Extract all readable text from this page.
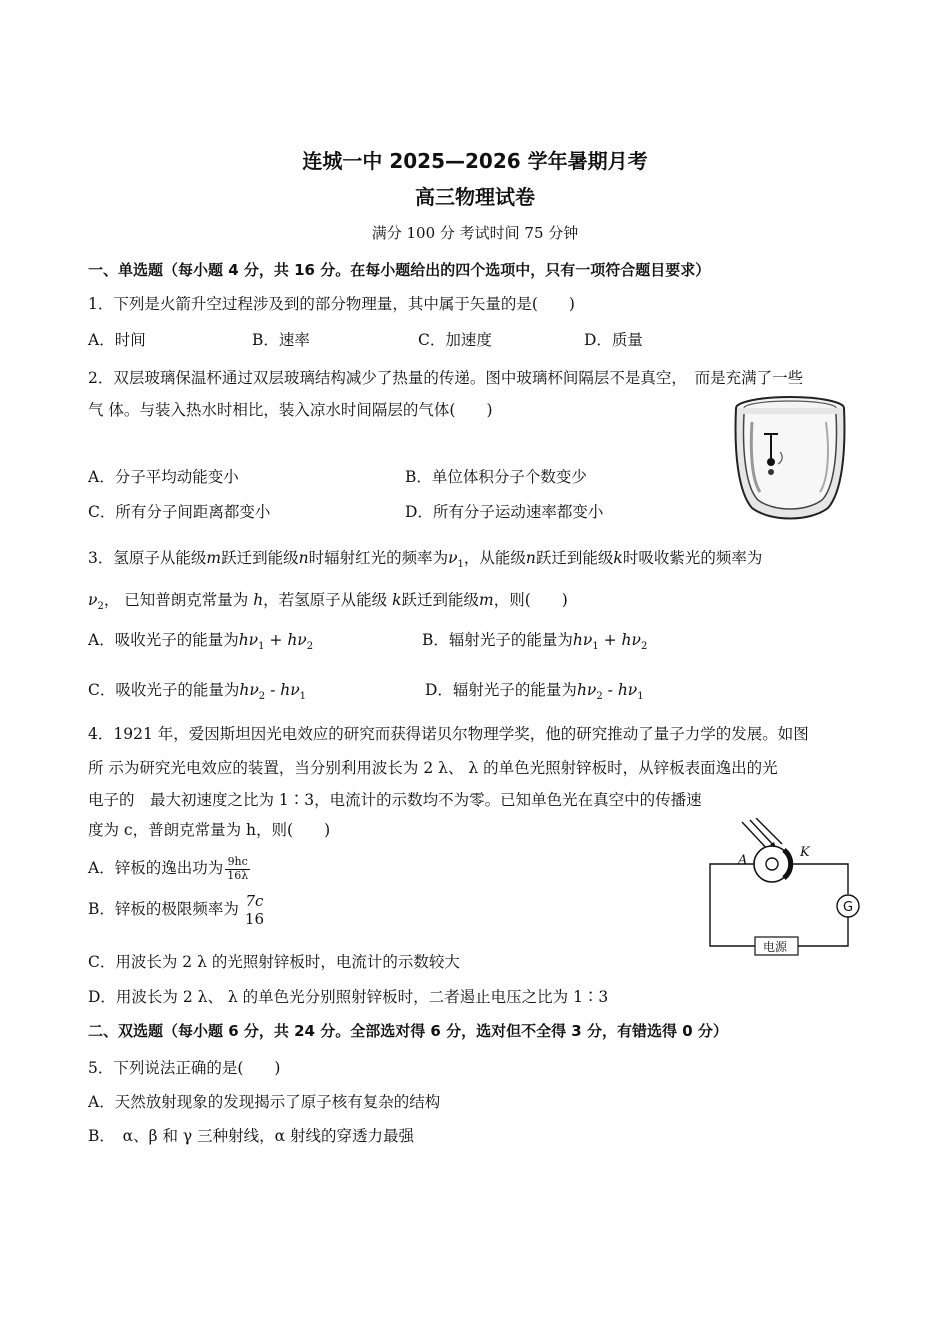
连城一中 2025—2026 学年暑期月考
高三物理试卷
满分 100 分 考试时间 75 分钟
一、单选题（每小题 4 分，共 16 分。在每小题给出的四个选项中，只有一项符合题目要求）
1．下列是火箭升空过程涉及到的部分物理量，其中属于矢量的是(　　)
A．时间	B．速率	C．加速度	D．质量
2．双层玻璃保温杯通过双层玻璃结构减少了热量的传递。图中玻璃杯间隔层不是真空，　而是充满了一些
气 体。与装入热水时相比，装入凉水时间隔层的气体(　　)
A．分子平均动能变小	B．单位体积分子个数变少
C．所有分子间距离都变小	D．所有分子运动速率都变小
3．氢原子从能级m跃迁到能级n时辐射红光的频率为$\nu_1$，从能级n跃迁到能级k时吸收紫光的频率为
$\nu_2$， 已知普朗克常量为 h，若氢原子从能级 k跃迁到能级m，则(　　)
A．吸收光子的能量为$h\nu_1 + h\nu_2$	B．辐射光子的能量为$h\nu_1 + h\nu_2$
C．吸收光子的能量为$h\nu_2 - h\nu_1$	D．辐射光子的能量为$h\nu_2 - h\nu_1$
4．1921 年，爱因斯坦因光电效应的研究而获得诺贝尔物理学奖，他的研究推动了量子力学的发展。如图
所 示为研究光电效应的装置，当分别利用波长为 2 λ、 λ 的单色光照射锌板时，从锌板表面逸出的光
电子的　最大初速度之比为 1∶3，电流计的示数均不为零。已知单色光在真空中的传播速
度为 c，普朗克常量为 h，则(　　)
A．锌板的逸出功为 $\frac{9hc}{16\lambda}$
B．锌板的极限频率为 7c
16
C．用波长为 2 λ 的光照射锌板时，电流计的示数较大
D．用波长为 2 λ、 λ 的单色光分别照射锌板时，二者遏止电压之比为 1∶3
A
K
G
电源
二、双选题（每小题 6 分，共 24 分。全部选对得 6 分，选对但不全得 3 分，有错选得 0 分）
5．下列说法正确的是(　　)
A．天然放射现象的发现揭示了原子核有复杂的结构
B．　α、β 和 γ 三种射线，α 射线的穿透力最强
